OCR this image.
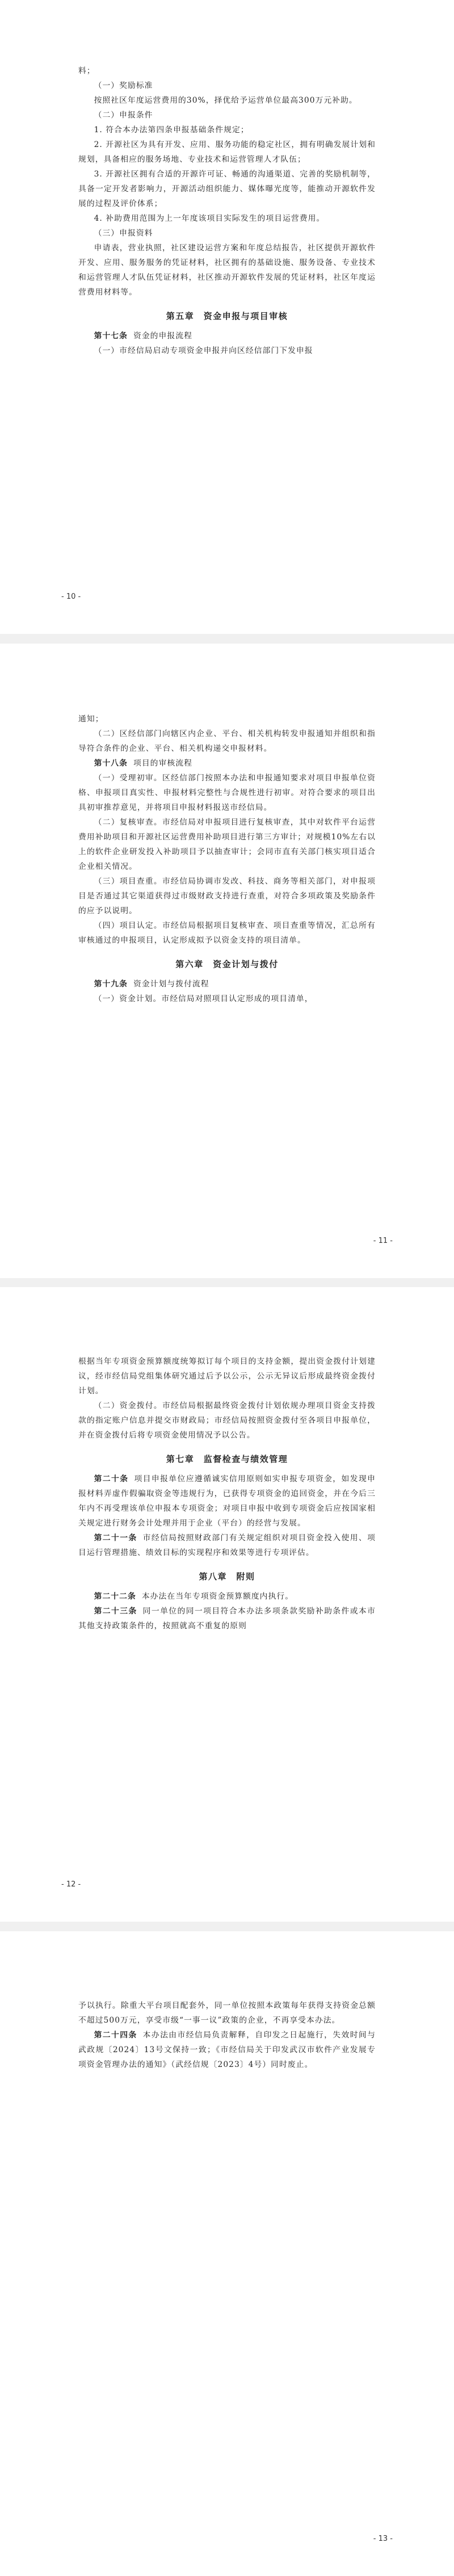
料；

（一）奖励标准

按照社区年度运营费用的30%，择优给予运营单位最高300万元补助。

（二）申报条件

1. 符合本办法第四条申报基础条件规定；

2. 开源社区为具有开发、应用、服务功能的稳定社区，拥有明确发展计划和规划，具备相应的服务场地、专业技术和运营管理人才队伍；

3. 开源社区拥有合适的开源许可证、畅通的沟通渠道、完善的奖励机制等，具备一定开发者影响力，开源活动组织能力、媒体曝光度等，能推动开源软件发展的过程及评价体系；

4. 补助费用范围为上一年度该项目实际发生的项目运营费用。

（三）申报资料

申请表，营业执照，社区建设运营方案和年度总结报告，社区提供开源软件开发、应用、服务服务的凭证材料，社区拥有的基础设施、服务设备、专业技术和运营管理人才队伍凭证材料，社区推动开源软件发展的凭证材料，社区年度运营费用材料等。

第五章　资金申报与项目审核

第十七条 资金的申报流程

（一）市经信局启动专项资金申报并向区经信部门下发申报

- 10 -

通知；

（二）区经信部门向辖区内企业、平台、相关机构转发申报通知并组织和指导符合条件的企业、平台、相关机构递交申报材料。

第十八条 项目的审核流程

（一）受理初审。区经信部门按照本办法和申报通知要求对项目申报单位资格、申报项目真实性、申报材料完整性与合规性进行初审。对符合要求的项目出具初审推荐意见，并将项目申报材料报送市经信局。

（二）复核审查。市经信局对申报项目进行复核审查，其中对软件平台运营费用补助项目和开源社区运营费用补助项目进行第三方审计；对规模10%左右以上的软件企业研发投入补助项目予以抽查审计；会同市直有关部门核实项目适合企业相关情况。

（三）项目查重。市经信局协调市发改、科技、商务等相关部门，对申报项目是否通过其它渠道获得过市级财政支持进行查重，对符合多项政策及奖励条件的应予以说明。

（四）项目认定。市经信局根据项目复核审查、项目查重等情况，汇总所有审核通过的申报项目，认定形成拟予以资金支持的项目清单。

第六章　资金计划与拨付

第十九条 资金计划与拨付流程

（一）资金计划。市经信局对照项目认定形成的项目清单，

- 11 -

根据当年专项资金预算额度统筹拟订每个项目的支持金额，提出资金拨付计划建议，经市经信局党组集体研究通过后予以公示，公示无异议后形成最终资金拨付计划。

（二）资金拨付。市经信局根据最终资金拨付计划依规办理项目资金支持拨款的指定账户信息并提交市财政局；市经信局按照资金拨付至各项目申报单位，并在资金拨付后将专项资金使用情况予以公告。

第七章　监督检查与绩效管理

第二十条 项目申报单位应遵循诚实信用原则如实申报专项资金，如发现申报材料弄虚作假骗取资金等违规行为，已获得专项资金的追回资金，并在今后三年内不再受理该单位申报本专项资金；对项目申报中收到专项资金后应按国家相关规定进行财务会计处理并用于企业（平台）的经营与发展。

第二十一条 市经信局按照财政部门有关规定组织对项目资金投入使用、项目运行管理措施、绩效目标的实现程序和效果等进行专项评估。

第八章　附则

第二十二条 本办法在当年专项资金预算额度内执行。

第二十三条 同一单位的同一项目符合本办法多项条款奖励补助条件或本市其他支持政策条件的，按照就高不重复的原则

- 12 -

予以执行。除重大平台项目配套外，同一单位按照本政策每年获得支持资金总额不超过500万元，享受市级“一事一议”政策的企业，不再享受本办法。

第二十四条 本办法由市经信局负责解释，自印发之日起施行，失效时间与武政规〔2024〕13号文保持一致；《市经信局关于印发武汉市软件产业发展专项资金管理办法的通知》（武经信规〔2023〕4号）同时废止。

- 13 -
